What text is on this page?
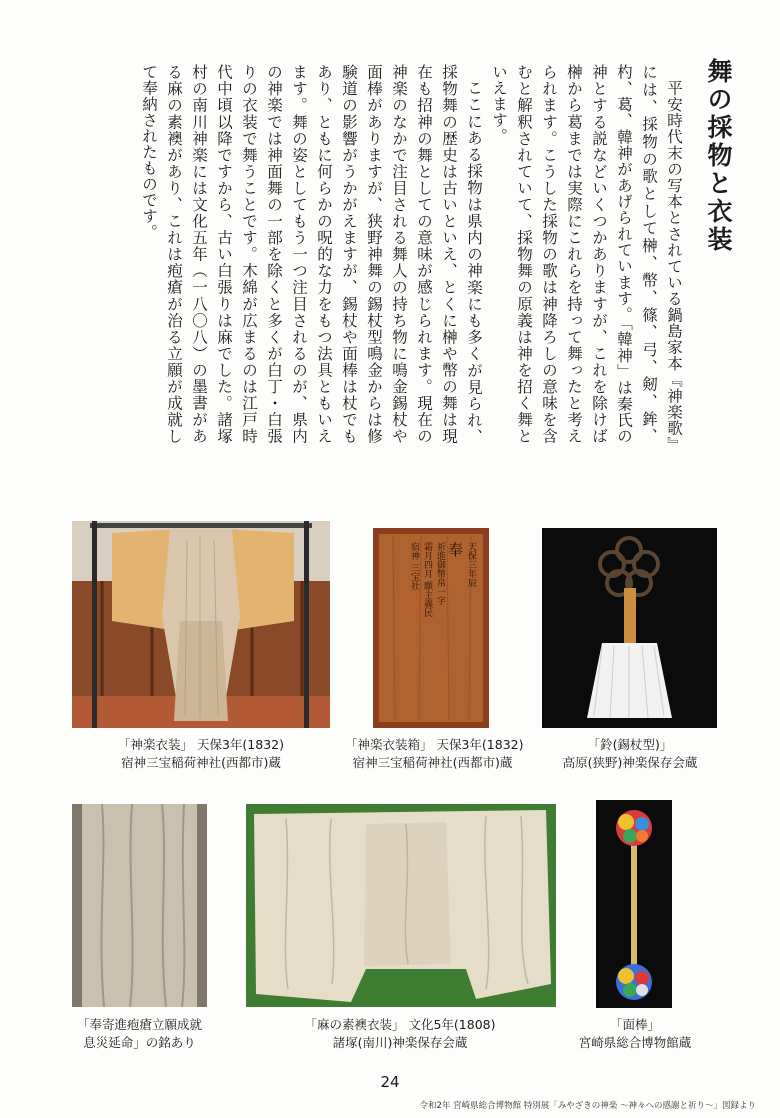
舞の採物と衣装

平安時代末の写本とされている鍋島家本『神楽歌』には、採物の歌として榊、幣、篠、弓、剱、鉾、杓、葛、韓神があげられています。「韓神」は秦氏の神とする説などいくつかありますが、これを除けば榊から葛までは実際にこれらを持って舞ったと考えられます。こうした採物の歌は神降ろしの意味を含むと解釈されていて、採物舞の原義は神を招く舞といえます。

ここにある採物は県内の神楽にも多くが見られ、採物舞の歴史は古いといえ、とくに榊や幣の舞は現在も招神の舞としての意味が感じられます。現在の神楽のなかで注目される舞人の持ち物に鳴金錫杖や面棒がありますが、狭野神舞の錫杖型鳴金からは修験道の影響がうかがえますが、錫杖や面棒は杖でもあり、ともに何らかの呪的な力をもつ法具ともいえます。舞の姿としてもう一つ注目されるのが、県内の神楽では神面舞の一部を除くと多くが白丁・白張りの衣装で舞うことです。木綿が広まるのは江戸時代中頃以降ですから、古い白張りは麻でした。諸塚村の南川神楽には文化五年（一八〇八）の墨書がある麻の素襖があり、これは疱瘡が治る立願が成就して奉納されたものです。

「神楽衣装」 天保3年(1832)
宿神三宝稲荷神社(西都市)蔵
天保三年辰
奉
祈進御幣帛一字
霜月四月 願主義民
宿神 三宝社
「神楽衣装箱」 天保3年(1832)
宿神三宝稲荷神社(西都市)蔵
「鈴(錫杖型)」
高原(狭野)神楽保存会蔵
「奉寄進疱瘡立願成就
息災延命」の銘あり
「麻の素襖衣装」 文化5年(1808)
諸塚(南川)神楽保存会蔵
「面棒」
宮崎県総合博物館蔵
24
令和2年 宮崎県総合博物館 特別展「みやざきの神楽 ～神々への感謝と祈り～」図録より
